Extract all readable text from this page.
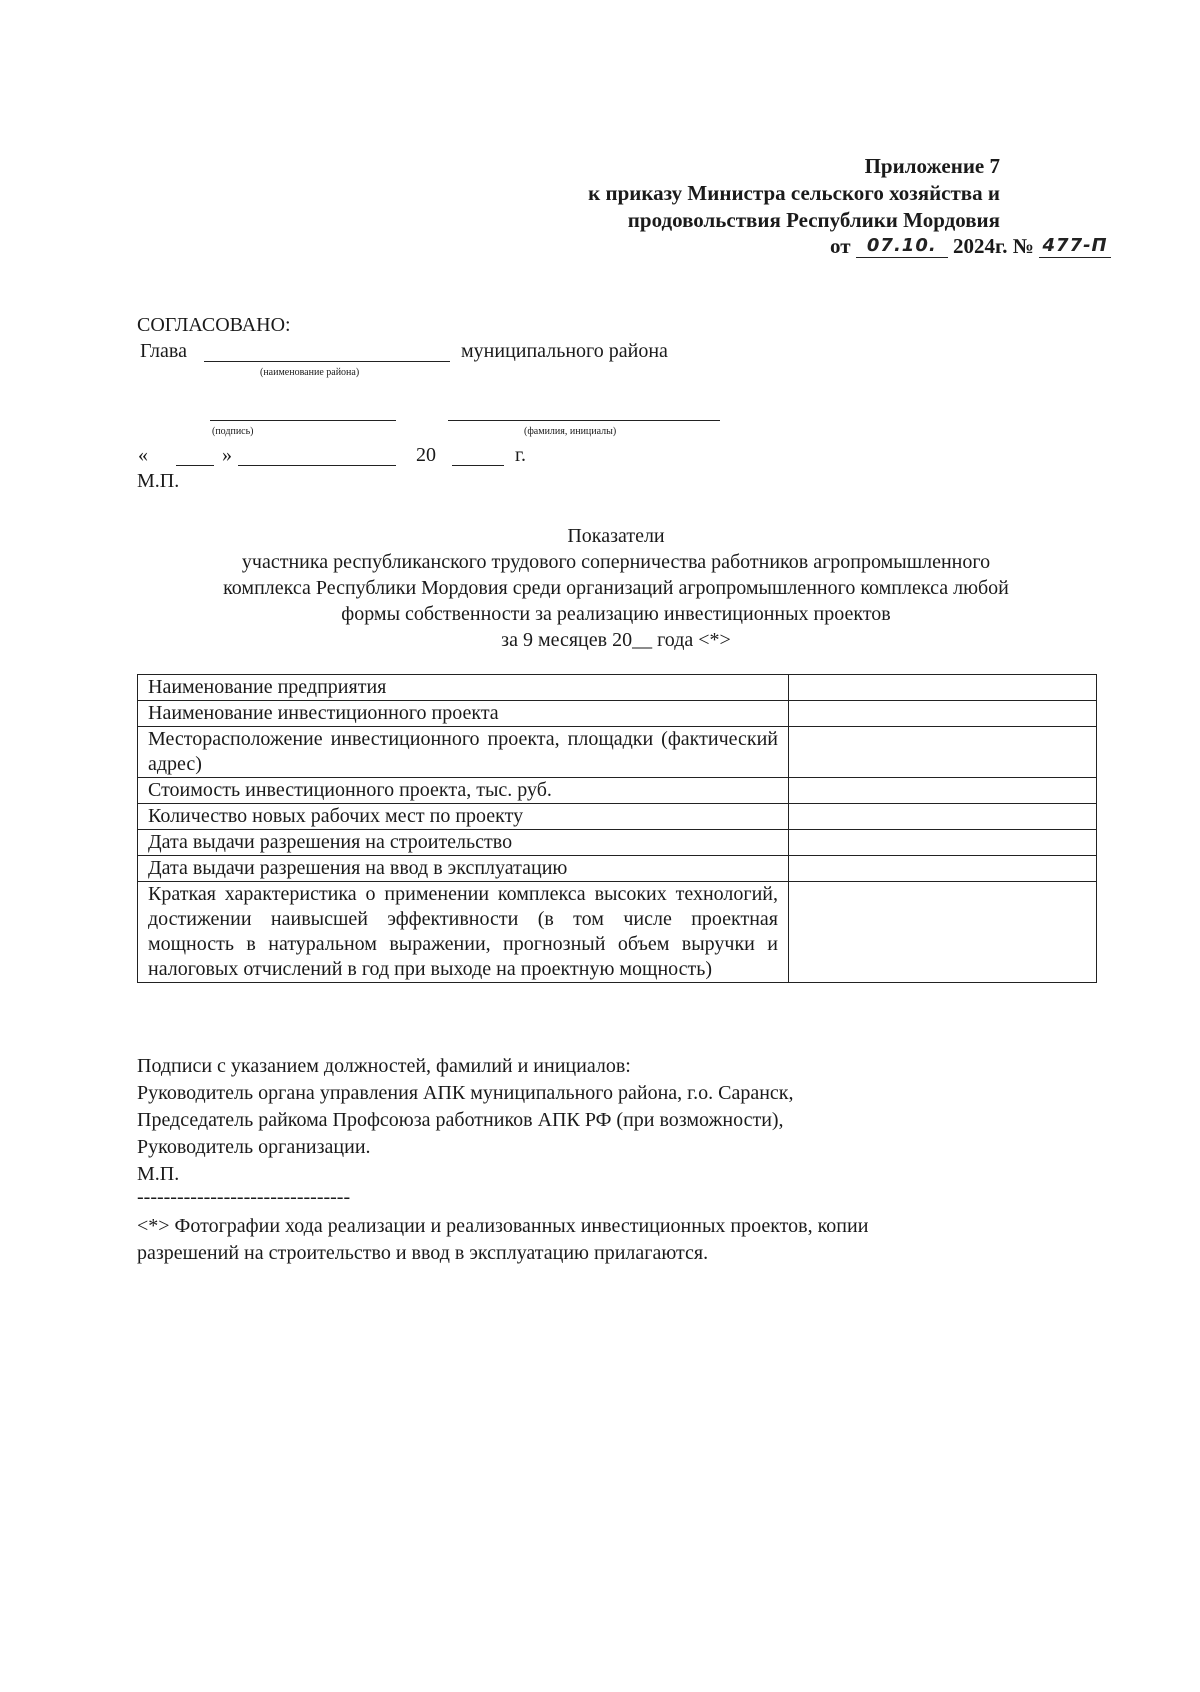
Приложение 7
к приказу Министра сельского хозяйства и
продовольствия Республики Мордовия
от 07.10. 2024г. № 477-П
СОГЛАСОВАНО:
Глава	муниципального района
(наименование района)
(подпись)	(фамилия, инициалы)
«	»	20	г.
М.П.
Показатели
участника республиканского трудового соперничества работников агропромышленного
комплекса Республики Мордовия среди организаций агропромышленного комплекса любой
формы собственности за реализацию инвестиционных проектов
за 9 месяцев 20__ года <*>
Наименование предприятия	
Наименование инвестиционного проекта	
Месторасположение инвестиционного проекта, площадки (фактический адрес)	
Стоимость инвестиционного проекта, тыс. руб.	
Количество новых рабочих мест по проекту	
Дата выдачи разрешения на строительство	
Дата выдачи разрешения на ввод в эксплуатацию	
Краткая характеристика о применении комплекса высоких технологий, достижении наивысшей эффективности (в том числе проектная мощность в натуральном выражении, прогнозный объем выручки и налоговых отчислений в год при выходе на проектную мощность)	
Подписи с указанием должностей, фамилий и инициалов:
Руководитель органа управления АПК муниципального района, г.о. Саранск,
Председатель райкома Профсоюза работников АПК РФ (при возможности),
Руководитель организации.
М.П.
--------------------------------
<*> Фотографии хода реализации и реализованных инвестиционных проектов, копии
разрешений на строительство и ввод в эксплуатацию прилагаются.
